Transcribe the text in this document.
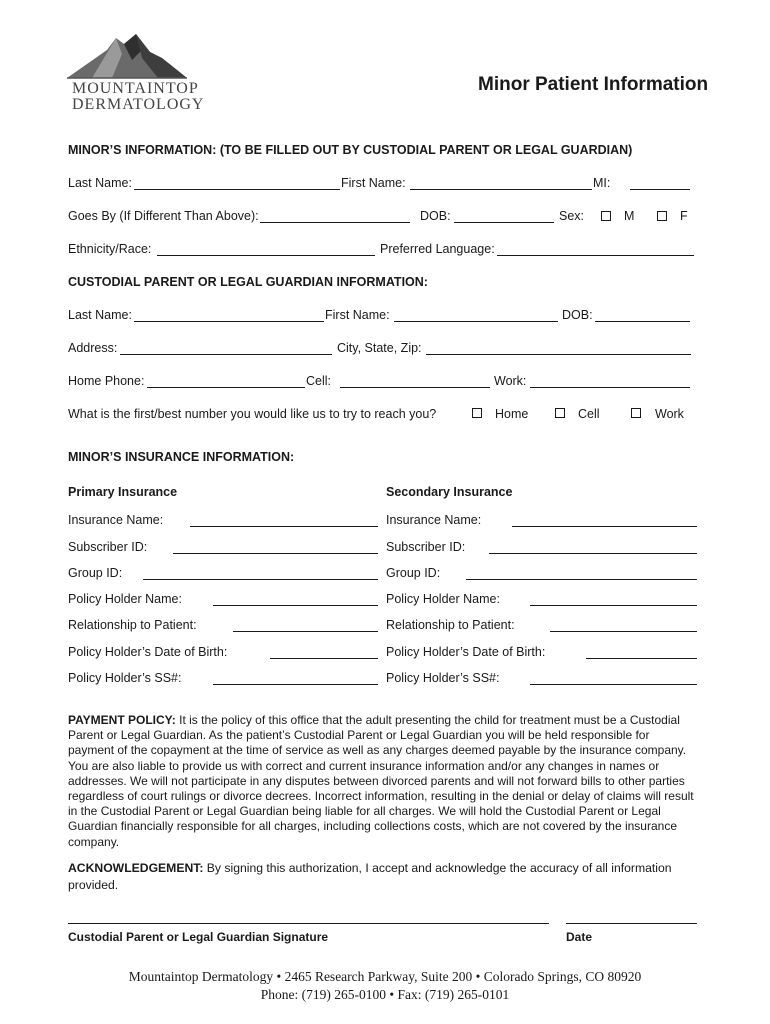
MOUNTAINTOP
DERMATOLOGY
Minor Patient Information
MINOR’S INFORMATION: (TO BE FILLED OUT BY CUSTODIAL PARENT OR LEGAL GUARDIAN)
Last Name:	First Name:	MI:
Goes By (If Different Than Above):	DOB:	Sex:	M	F
Ethnicity/Race:	Preferred Language:
CUSTODIAL PARENT OR LEGAL GUARDIAN INFORMATION:
Last Name:	First Name:	DOB:
Address:	City, State, Zip:
Home Phone:	Cell:	Work:
What is the first/best number you would like us to try to reach you?	Home	Cell	Work
MINOR’S INSURANCE INFORMATION:
Primary Insurance	Secondary Insurance
Insurance Name:	Insurance Name:
Subscriber ID:	Subscriber ID:
Group ID:	Group ID:
Policy Holder Name:	Policy Holder Name:
Relationship to Patient:	Relationship to Patient:
Policy Holder’s Date of Birth:	Policy Holder’s Date of Birth:
Policy Holder’s SS#:	Policy Holder’s SS#:
PAYMENT POLICY: It is the policy of this office that the adult presenting the child for treatment must be a Custodial Parent or Legal Guardian. As the patient’s Custodial Parent or Legal Guardian you will be held responsible for payment of the copayment at the time of service as well as any charges deemed payable by the insurance company. You are also liable to provide us with correct and current insurance information and/or any changes in names or addresses. We will not participate in any disputes between divorced parents and will not forward bills to other parties regardless of court rulings or divorce decrees. Incorrect information, resulting in the denial or delay of claims will result in the Custodial Parent or Legal Guardian being liable for all charges. We will hold the Custodial Parent or Legal Guardian financially responsible for all charges, including collections costs, which are not covered by the insurance company.
ACKNOWLEDGEMENT: By signing this authorization, I accept and acknowledge the accuracy of all information provided.
Custodial Parent or Legal Guardian Signature	Date
Mountaintop Dermatology • 2465 Research Parkway, Suite 200 • Colorado Springs, CO 80920
Phone: (719) 265-0100 • Fax: (719) 265-0101
